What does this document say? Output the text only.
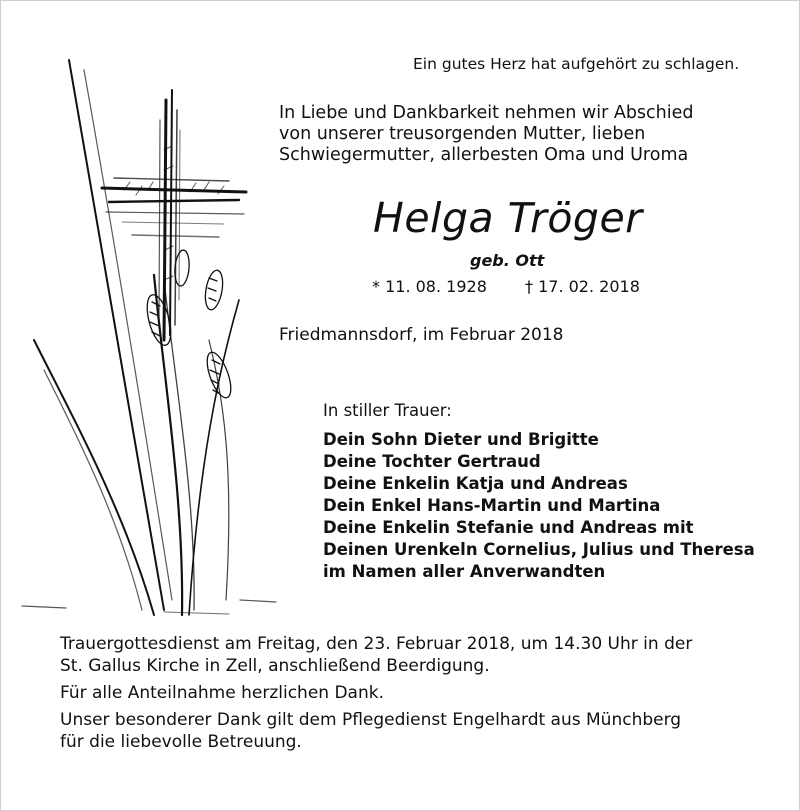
Ein gutes Herz hat aufgehört zu schlagen.

In Liebe und Dankbarkeit nehmen wir Abschied

von unserer treusorgenden Mutter, lieben

Schwiegermutter, allerbesten Oma und Uroma

Helga Tröger

geb. Ott

* 11. 08. 1928 † 17. 02. 2018

Friedmannsdorf, im Februar 2018

In stiller Trauer:

Dein Sohn Dieter und Brigitte

Deine Tochter Gertraud

Deine Enkelin Katja und Andreas

Dein Enkel Hans-Martin und Martina

Deine Enkelin Stefanie und Andreas mit

Deinen Urenkeln Cornelius, Julius und Theresa

im Namen aller Anverwandten

Trauergottesdienst am Freitag, den 23. Februar 2018, um 14.30 Uhr in der

St. Gallus Kirche in Zell, anschließend Beerdigung.

Für alle Anteilnahme herzlichen Dank.

Unser besonderer Dank gilt dem Pflegedienst Engelhardt aus Münchberg

für die liebevolle Betreuung.
